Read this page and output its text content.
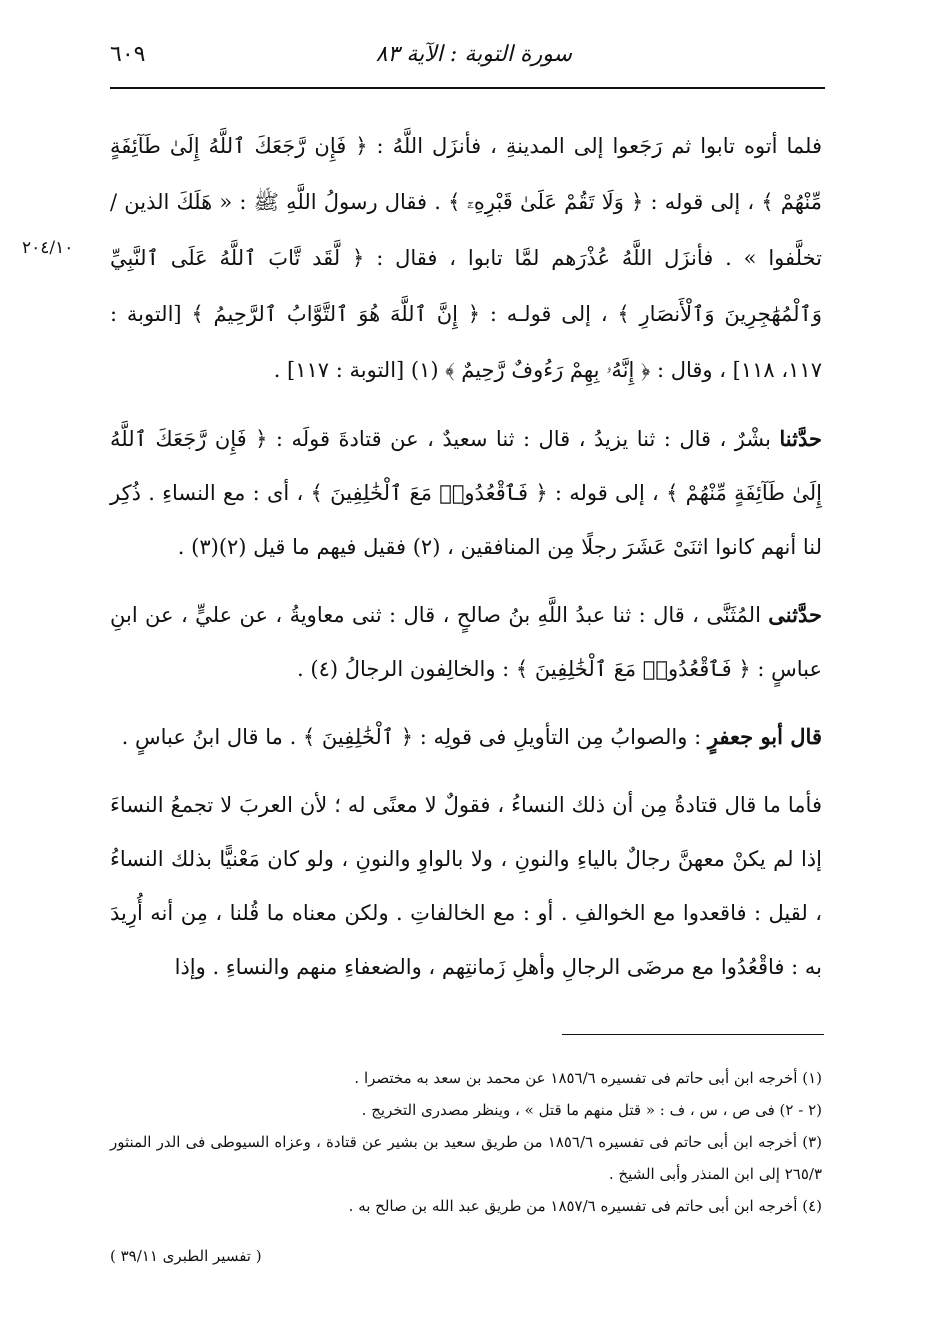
سورة التوبة : الآية ٨٣
٦٠٩
٢٠٤/١٠

فلما أتوه تابوا ثم رَجَعوا إلى المدينةِ ، فأنزَل اللَّهُ : ﴿ فَإِن رَّجَعَكَ ٱللَّهُ إِلَىٰ طَآئِفَةٍ مِّنْهُمْ ﴾ ، إلى قوله : ﴿ وَلَا تَقُمْ عَلَىٰ قَبْرِهِۦٓ ﴾ . فقال رسولُ اللَّهِ ﷺ : « هَلَكَ الذين / تخلَّفوا » . فأنزَل اللَّهُ عُذْرَهم لمَّا تابوا ، فقال : ﴿ لَّقَد تَّابَ ٱللَّهُ عَلَى ٱلنَّبِيِّ وَٱلْمُهَٰجِرِينَ وَٱلْأَنصَارِ ﴾ ، إلى قولـه : ﴿ إِنَّ ٱللَّهَ هُوَ ٱلتَّوَّابُ ٱلرَّحِيمُ ﴾ [التوبة : ١١٧، ١١٨] ، وقال : ﴿ إِنَّهُۥ بِهِمْ رَءُوفٌ رَّحِيمٌ ﴾ (١) [التوبة : ١١٧] .

حدَّثنا بشْرٌ ، قال : ثنا يزيدُ ، قال : ثنا سعيدٌ ، عن قتادةَ قولَه : ﴿ فَإِن رَّجَعَكَ ٱللَّهُ إِلَىٰ طَآئِفَةٍ مِّنْهُمْ ﴾ ، إلى قوله : ﴿ فَٱقْعُدُوا۟ مَعَ ٱلْخَٰلِفِينَ ﴾ ، أى : مع النساءِ . ذُكِر لنا أنهم كانوا اثنَىْ عَشَرَ رجلًا مِن المنافقين ، (٢) فقيل فيهم ما قيل (٢)(٣) .

حدَّثنى المُثَنَّى ، قال : ثنا عبدُ اللَّهِ بنُ صالحٍ ، قال : ثنى معاويةُ ، عن عليٍّ ، عن ابنِ عباسٍ : ﴿ فَٱقْعُدُوا۟ مَعَ ٱلْخَٰلِفِينَ ﴾ : والخالِفون الرجالُ (٤) .

قال أبو جعفرٍ : والصوابُ مِن التأويلِ فى قولِه : ﴿ ٱلْخَٰلِفِينَ ﴾ . ما قال ابنُ عباسٍ .

فأما ما قال قتادةُ مِن أن ذلك النساءُ ، فقولٌ لا معنًى له ؛ لأن العربَ لا تجمعُ النساءَ إذا لم يكنْ معهنَّ رجالٌ بالياءِ والنونِ ، ولا بالواوِ والنونِ ، ولو كان مَعْنيًّا بذلك النساءُ ، لقيل : فاقعدوا مع الخوالفِ . أو : مع الخالفاتِ . ولكن معناه ما قُلنا ، مِن أنه أُرِيدَ به : فاقْعُدُوا مع مرضَى الرجالِ وأهلِ زَمانتِهم ، والضعفاءِ منهم والنساءِ . وإذا

(١) أخرجه ابن أبى حاتم فى تفسيره ١٨٥٦/٦ عن محمد بن سعد به مختصرا .

(٢ - ٢) فى ص ، س ، ف : « قتل منهم ما قتل » ، وينظر مصدرى التخريج .

(٣) أخرجه ابن أبى حاتم فى تفسيره ١٨٥٦/٦ من طريق سعيد بن بشير عن قتادة ، وعزاه السيوطى فى الدر المنثور ٢٦٥/٣ إلى ابن المنذر وأبى الشيخ .

(٤) أخرجه ابن أبى حاتم فى تفسيره ١٨٥٧/٦ من طريق عبد الله بن صالح به .

( تفسير الطبرى ٣٩/١١ )
